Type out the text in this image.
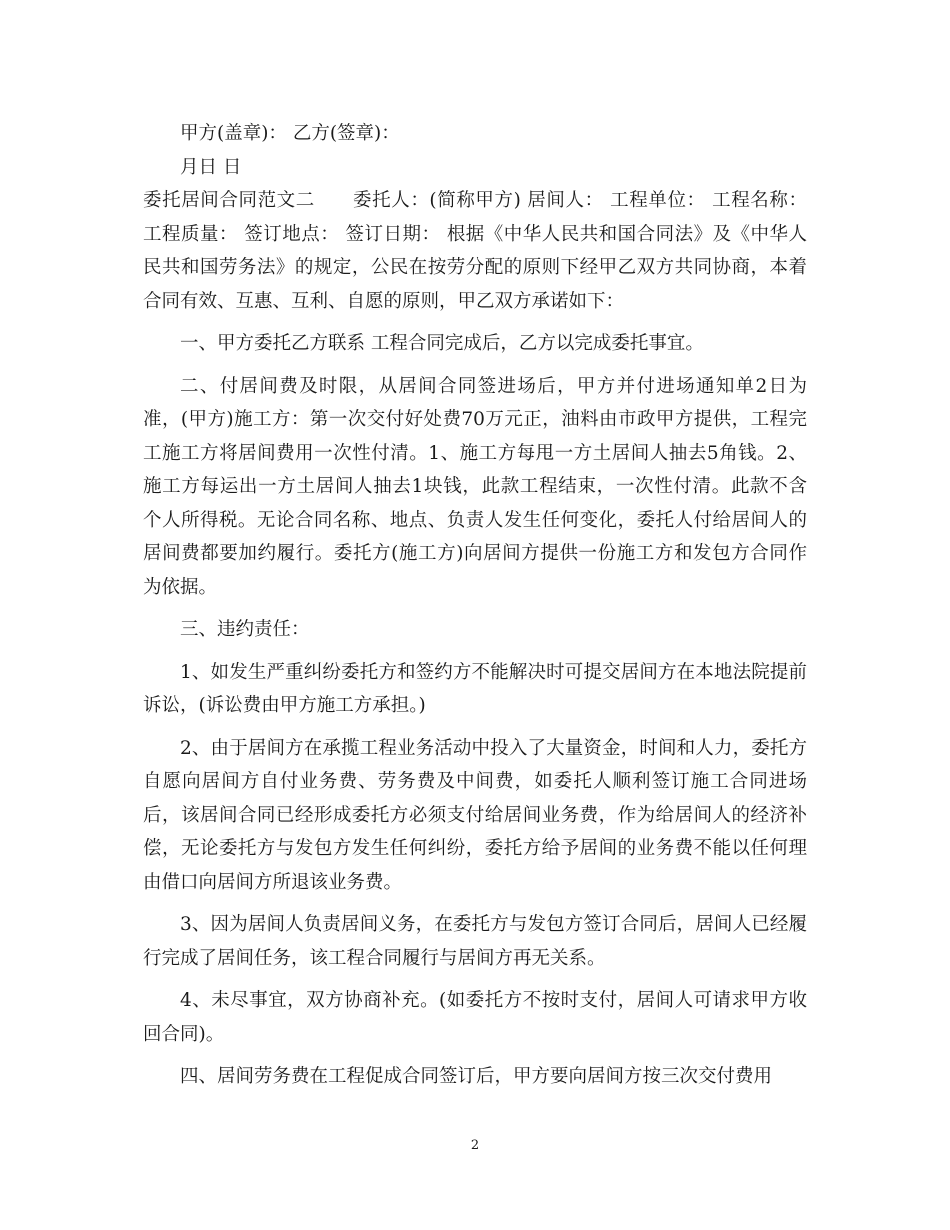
甲方(盖章)： 乙方(签章)：
月日 日
委托居间合同范文二　　委托人：(简称甲方) 居间人： 工程单位： 工程名称：
工程质量： 签订地点： 签订日期： 根据《中华人民共和国合同法》及《中华人
民共和国劳务法》的规定，公民在按劳分配的原则下经甲乙双方共同协商，本着
合同有效、互惠、互利、自愿的原则，甲乙双方承诺如下：
一、甲方委托乙方联系 工程合同完成后，乙方以完成委托事宜。
二、付居间费及时限，从居间合同签进场后，甲方并付进场通知单2日为
准，(甲方)施工方：第一次交付好处费70万元正，油料由市政甲方提供，工程完
工施工方将居间费用一次性付清。1、施工方每甩一方土居间人抽去5角钱。2、
施工方每运出一方土居间人抽去1块钱，此款工程结束，一次性付清。此款不含
个人所得税。无论合同名称、地点、负责人发生任何变化，委托人付给居间人的
居间费都要加约履行。委托方(施工方)向居间方提供一份施工方和发包方合同作
为依据。
三、违约责任：
1、如发生严重纠纷委托方和签约方不能解决时可提交居间方在本地法院提前
诉讼，(诉讼费由甲方施工方承担。)
2、由于居间方在承揽工程业务活动中投入了大量资金，时间和人力，委托方
自愿向居间方自付业务费、劳务费及中间费，如委托人顺利签订施工合同进场
后，该居间合同已经形成委托方必须支付给居间业务费，作为给居间人的经济补
偿，无论委托方与发包方发生任何纠纷，委托方给予居间的业务费不能以任何理
由借口向居间方所退该业务费。
3、因为居间人负责居间义务，在委托方与发包方签订合同后，居间人已经履
行完成了居间任务，该工程合同履行与居间方再无关系。
4、未尽事宜，双方协商补充。(如委托方不按时支付，居间人可请求甲方收
回合同)。
四、居间劳务费在工程促成合同签订后，甲方要向居间方按三次交付费用
2
